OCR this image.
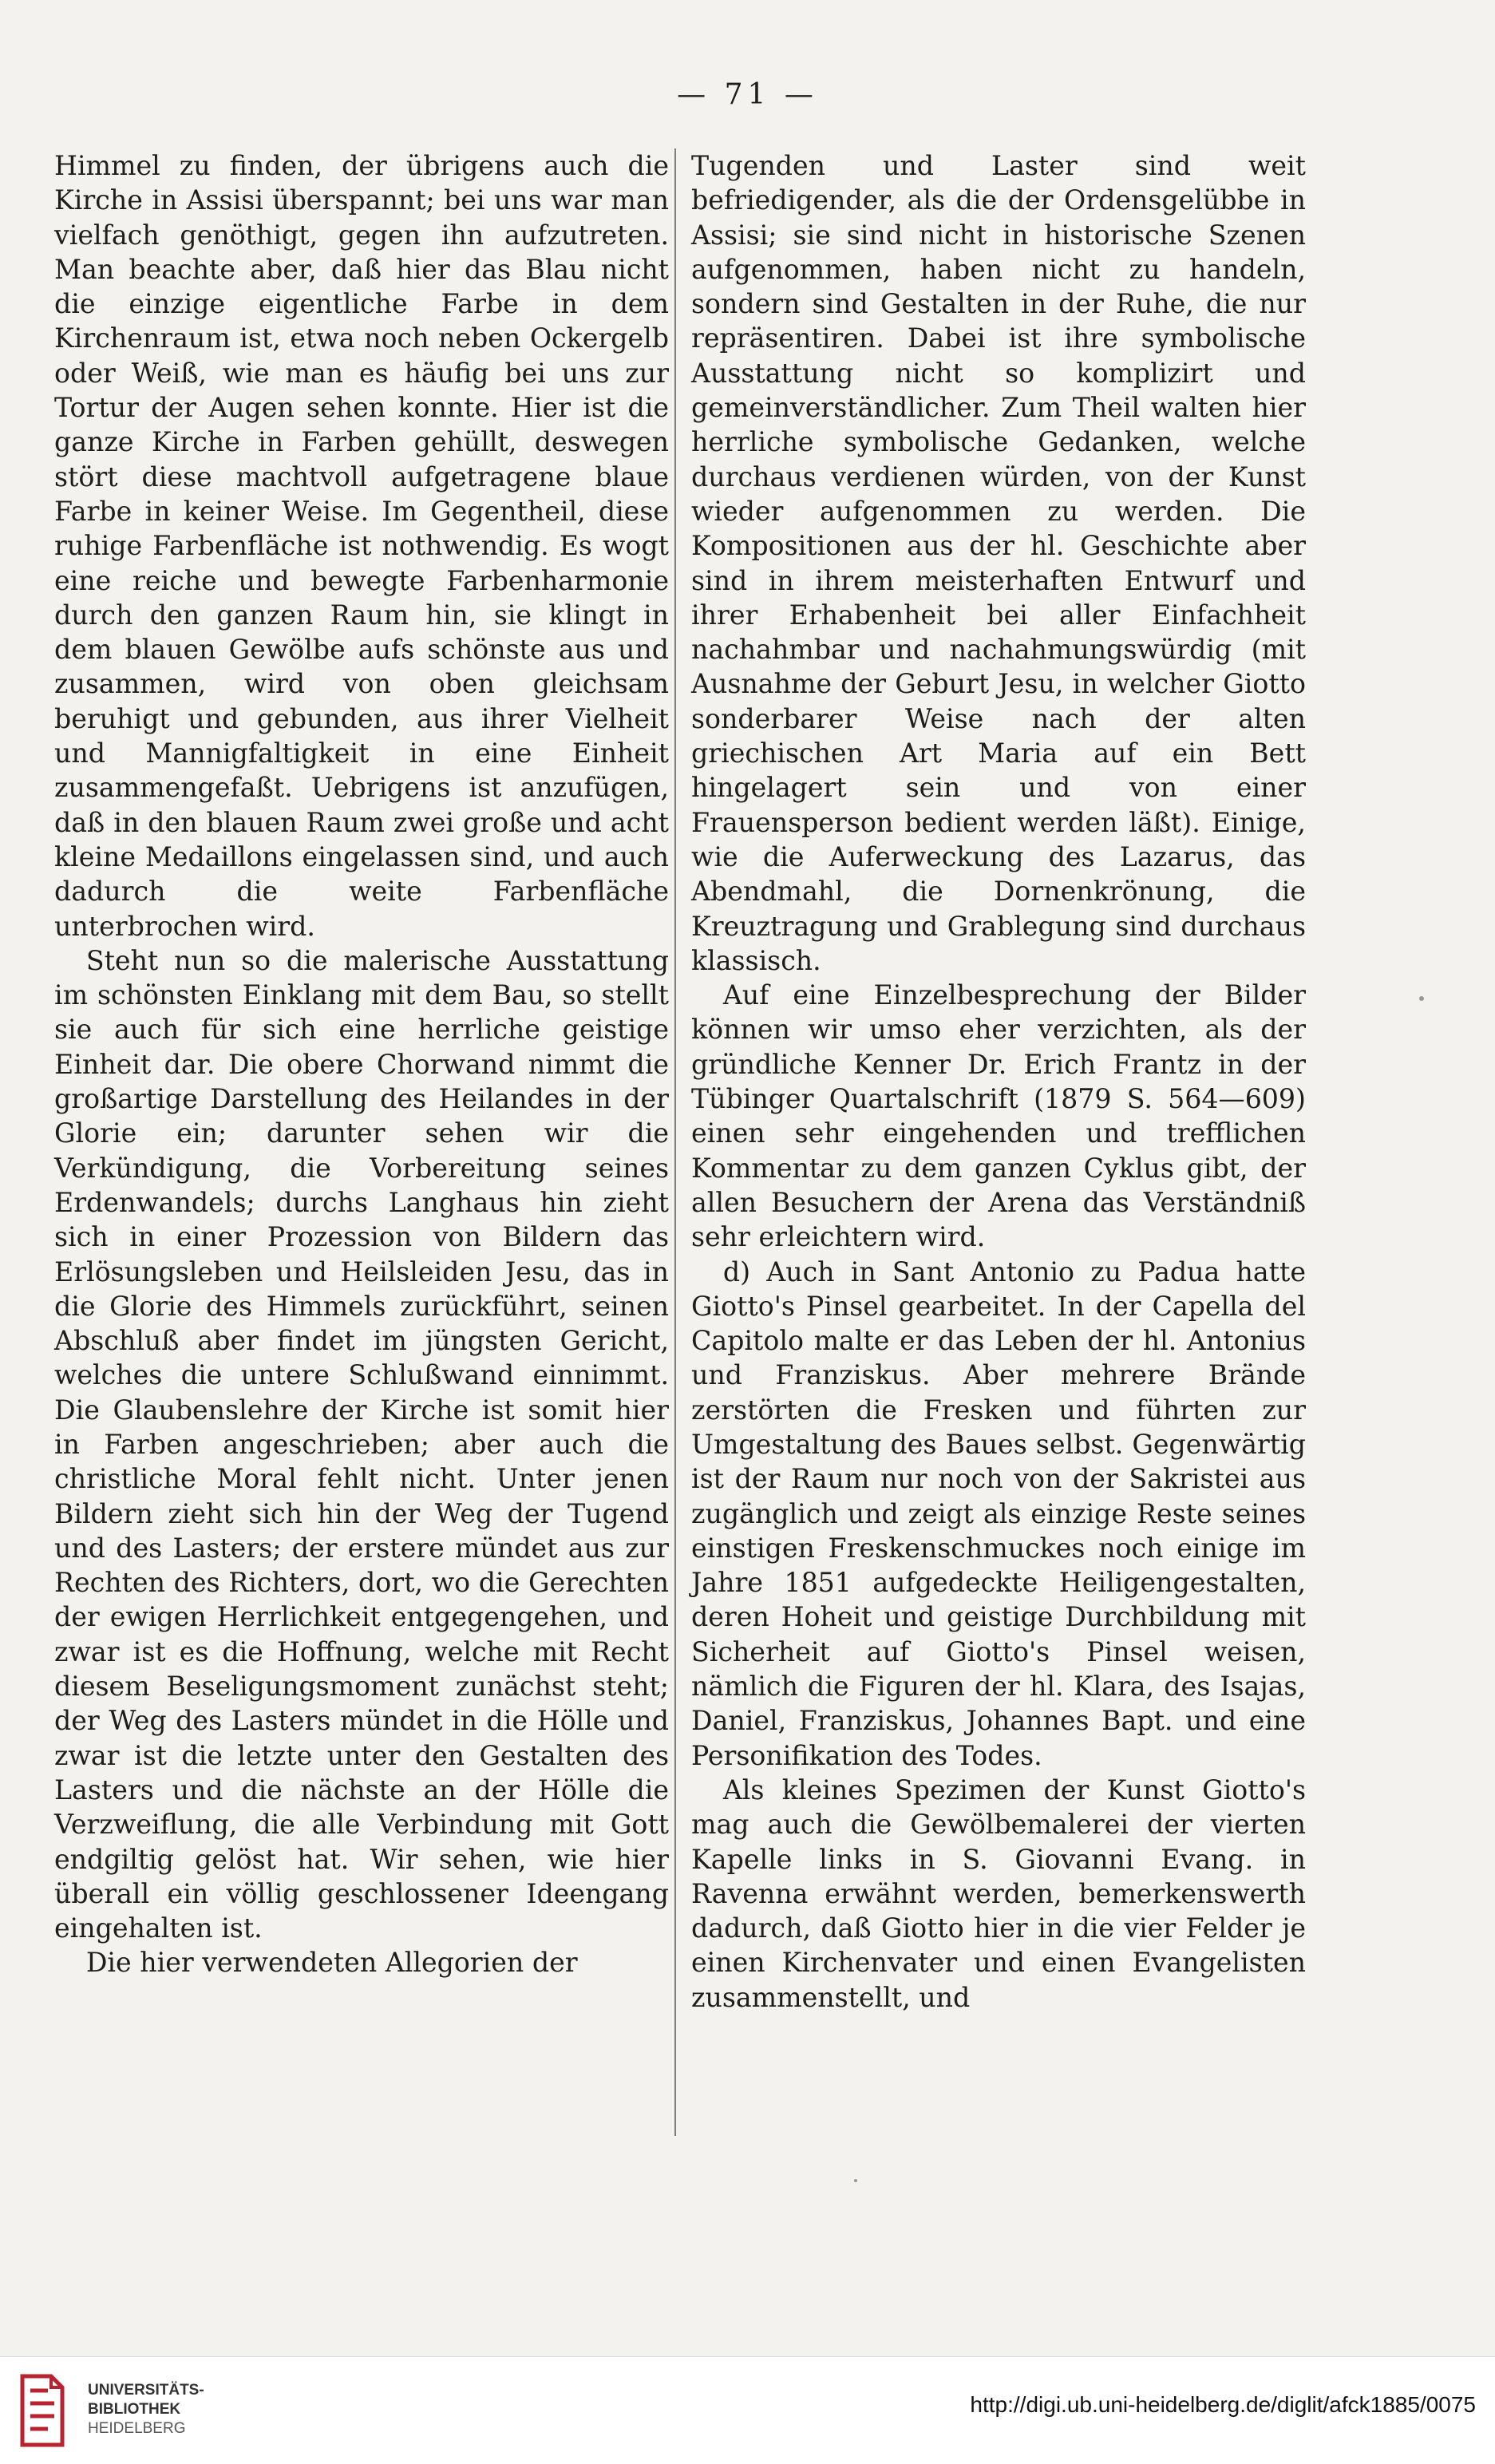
— 71 —

Himmel zu finden, der übrigens auch die Kirche in Assisi überspannt; bei uns war man vielfach genöthigt, gegen ihn aufzutreten. Man beachte aber, daß hier das Blau nicht die einzige eigentliche Farbe in dem Kirchenraum ist, etwa noch neben Ockergelb oder Weiß, wie man es häufig bei uns zur Tortur der Augen sehen konnte. Hier ist die ganze Kirche in Farben gehüllt, deswegen stört diese machtvoll aufgetragene blaue Farbe in keiner Weise. Im Gegentheil, diese ruhige Farbenfläche ist nothwendig. Es wogt eine reiche und bewegte Farbenharmonie durch den ganzen Raum hin, sie klingt in dem blauen Gewölbe aufs schönste aus und zusammen, wird von oben gleichsam beruhigt und gebunden, aus ihrer Vielheit und Mannigfaltigkeit in eine Einheit zusammengefaßt. Uebrigens ist anzufügen, daß in den blauen Raum zwei große und acht kleine Medaillons eingelassen sind, und auch dadurch die weite Farbenfläche unterbrochen wird.

Steht nun so die malerische Ausstattung im schönsten Einklang mit dem Bau, so stellt sie auch für sich eine herrliche geistige Einheit dar. Die obere Chorwand nimmt die großartige Darstellung des Heilandes in der Glorie ein; darunter sehen wir die Verkündigung, die Vorbereitung seines Erdenwandels; durchs Langhaus hin zieht sich in einer Prozession von Bildern das Erlösungsleben und Heilsleiden Jesu, das in die Glorie des Himmels zurückführt, seinen Abschluß aber findet im jüngsten Gericht, welches die untere Schlußwand einnimmt. Die Glaubenslehre der Kirche ist somit hier in Farben angeschrieben; aber auch die christliche Moral fehlt nicht. Unter jenen Bildern zieht sich hin der Weg der Tugend und des Lasters; der erstere mündet aus zur Rechten des Richters, dort, wo die Gerechten der ewigen Herrlichkeit entgegengehen, und zwar ist es die Hoffnung, welche mit Recht diesem Beseligungsmoment zunächst steht; der Weg des Lasters mündet in die Hölle und zwar ist die letzte unter den Gestalten des Lasters und die nächste an der Hölle die Verzweiflung, die alle Verbindung mit Gott endgiltig gelöst hat. Wir sehen, wie hier überall ein völlig geschlossener Ideengang eingehalten ist.

Die hier verwendeten Allegorien der

Tugenden und Laster sind weit befriedigender, als die der Ordensgelübbe in Assisi; sie sind nicht in historische Szenen aufgenommen, haben nicht zu handeln, sondern sind Gestalten in der Ruhe, die nur repräsentiren. Dabei ist ihre symbolische Ausstattung nicht so komplizirt und gemeinverständlicher. Zum Theil walten hier herrliche symbolische Gedanken, welche durchaus verdienen würden, von der Kunst wieder aufgenommen zu werden. Die Kompositionen aus der hl. Geschichte aber sind in ihrem meisterhaften Entwurf und ihrer Erhabenheit bei aller Einfachheit nachahmbar und nachahmungswürdig (mit Ausnahme der Geburt Jesu, in welcher Giotto sonderbarer Weise nach der alten griechischen Art Maria auf ein Bett hingelagert sein und von einer Frauensperson bedient werden läßt). Einige, wie die Auferweckung des Lazarus, das Abendmahl, die Dornenkrönung, die Kreuztragung und Grablegung sind durchaus klassisch.

Auf eine Einzelbesprechung der Bilder können wir umso eher verzichten, als der gründliche Kenner Dr. Erich Frantz in der Tübinger Quartalschrift (1879 S. 564—609) einen sehr eingehenden und trefflichen Kommentar zu dem ganzen Cyklus gibt, der allen Besuchern der Arena das Verständniß sehr erleichtern wird.

d) Auch in Sant Antonio zu Padua hatte Giotto's Pinsel gearbeitet. In der Capella del Capitolo malte er das Leben der hl. Antonius und Franziskus. Aber mehrere Brände zerstörten die Fresken und führten zur Umgestaltung des Baues selbst. Gegenwärtig ist der Raum nur noch von der Sakristei aus zugänglich und zeigt als einzige Reste seines einstigen Freskenschmuckes noch einige im Jahre 1851 aufgedeckte Heiligengestalten, deren Hoheit und geistige Durchbildung mit Sicherheit auf Giotto's Pinsel weisen, nämlich die Figuren der hl. Klara, des Isajas, Daniel, Franziskus, Johannes Bapt. und eine Personifikation des Todes.

Als kleines Spezimen der Kunst Giotto's mag auch die Gewölbemalerei der vierten Kapelle links in S. Giovanni Evang. in Ravenna erwähnt werden, bemerkenswerth dadurch, daß Giotto hier in die vier Felder je einen Kirchenvater und einen Evangelisten zusammenstellt, und

UNIVERSITÄTS-
BIBLIOTHEK
HEIDELBERG
http://digi.ub.uni-heidelberg.de/diglit/afck1885/0075
